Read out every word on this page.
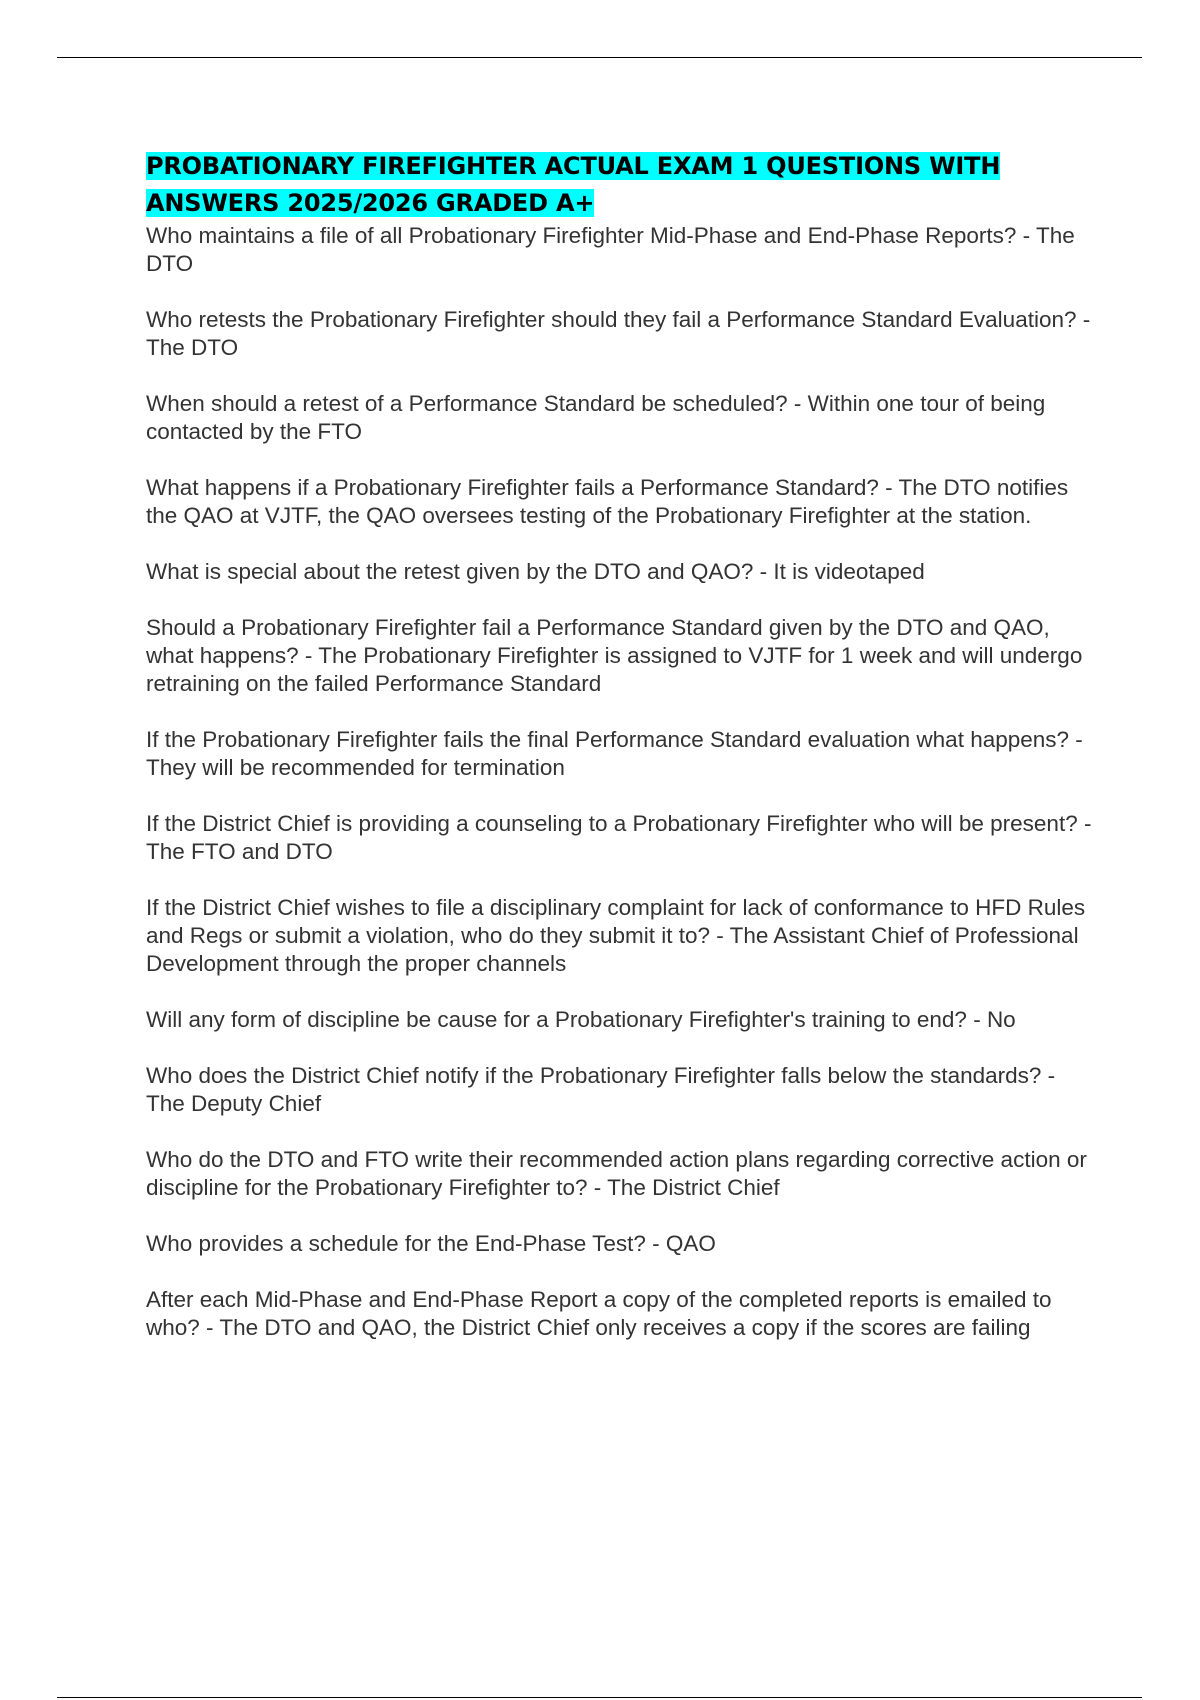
PROBATIONARY FIREFIGHTER ACTUAL EXAM 1 QUESTIONS WITH
ANSWERS 2025/2026 GRADED A+
Who maintains a file of all Probationary Firefighter Mid-Phase and End-Phase Reports? - The DTO
Who retests the Probationary Firefighter should they fail a Performance Standard Evaluation? - The DTO
When should a retest of a Performance Standard be scheduled? - Within one tour of being contacted by the FTO
What happens if a Probationary Firefighter fails a Performance Standard? - The DTO notifies the QAO at VJTF, the QAO oversees testing of the Probationary Firefighter at the station.
What is special about the retest given by the DTO and QAO? - It is videotaped
Should a Probationary Firefighter fail a Performance Standard given by the DTO and QAO, what happens? - The Probationary Firefighter is assigned to VJTF for 1 week and will undergo retraining on the failed Performance Standard
If the Probationary Firefighter fails the final Performance Standard evaluation what happens? - They will be recommended for termination
If the District Chief is providing a counseling to a Probationary Firefighter who will be present? - The FTO and DTO
If the District Chief wishes to file a disciplinary complaint for lack of conformance to HFD Rules and Regs or submit a violation, who do they submit it to? - The Assistant Chief of Professional Development through the proper channels
Will any form of discipline be cause for a Probationary Firefighter's training to end? - No
Who does the District Chief notify if the Probationary Firefighter falls below the standards? - The Deputy Chief
Who do the DTO and FTO write their recommended action plans regarding corrective action or discipline for the Probationary Firefighter to? - The District Chief
Who provides a schedule for the End-Phase Test? - QAO
After each Mid-Phase and End-Phase Report a copy of the completed reports is emailed to who? - The DTO and QAO, the District Chief only receives a copy if the scores are failing
